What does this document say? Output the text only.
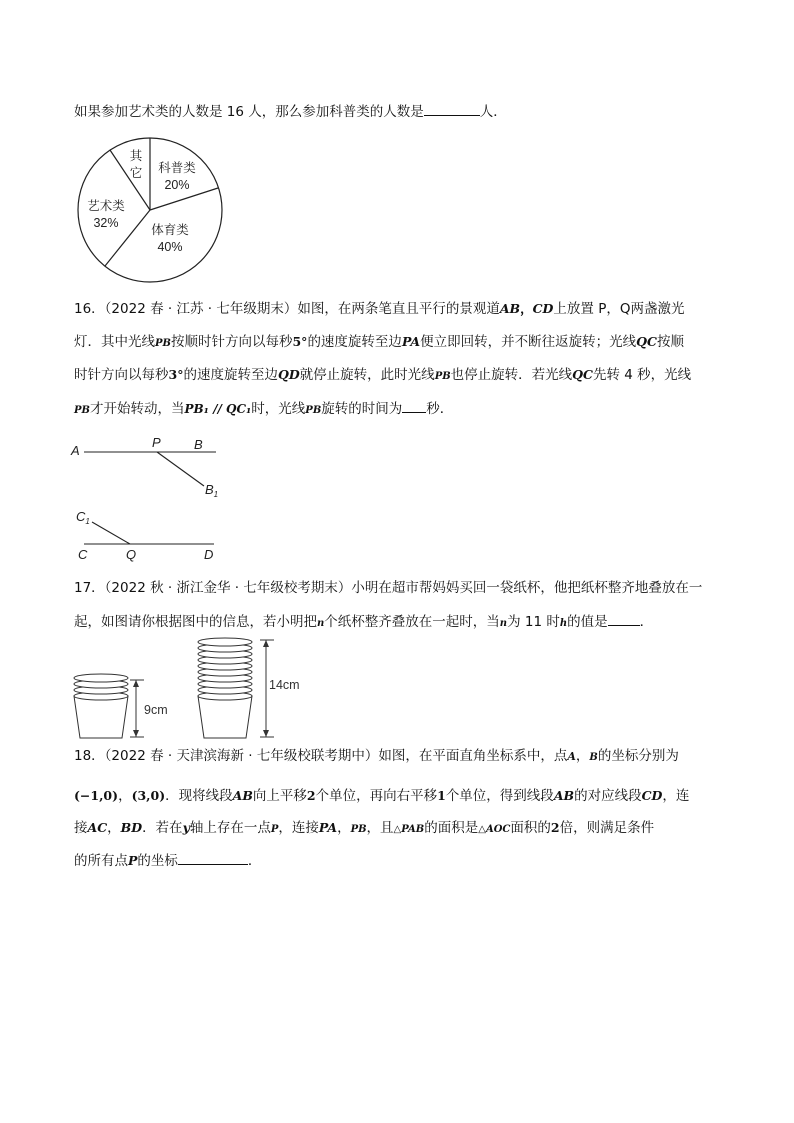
如果参加艺术类的人数是 16 人，那么参加科普类的人数是	人．
其
它 科普类
20%
艺术类
32%	体育类
40%
16．（2022 春 · 江苏 · 七年级期末）如图，在两条笔直且平行的景观道AB，CD上放置 P，Q两盏激光
灯．其中光线PB按顺时针方向以每秒5°的速度旋转至边PA便立即回转，并不断往返旋转；光线QC按顺
时针方向以每秒3°的速度旋转至边QD就停止旋转，此时光线PB也停止旋转．若光线QC先转 4 秒，光线
PB才开始转动，当PB₁ // QC₁时，光线PB旋转的时间为 秒．
A
P	B
$B_1$
$C_1$
C	Q	D
17．（2022 秋 · 浙江金华 · 七年级校考期末）小明在超市帮妈妈买回一袋纸杯，他把纸杯整齐地叠放在一
起，如图请你根据图中的信息，若小明把n个纸杯整齐叠放在一起时，当n为 11 时h的值是 ．
9cm
14cm
18．（2022 春 · 天津滨海新 · 七年级校联考期中）如图，在平面直角坐标系中，点A，B的坐标分别为
(−1,0)，(3,0)．现将线段AB向上平移2个单位，再向右平移1个单位，得到线段AB的对应线段CD，连
接AC，BD．若在y轴上存在一点P，连接PA，PB，且△PAB的面积是△AOC面积的2倍，则满足条件
的所有点P的坐标	．
